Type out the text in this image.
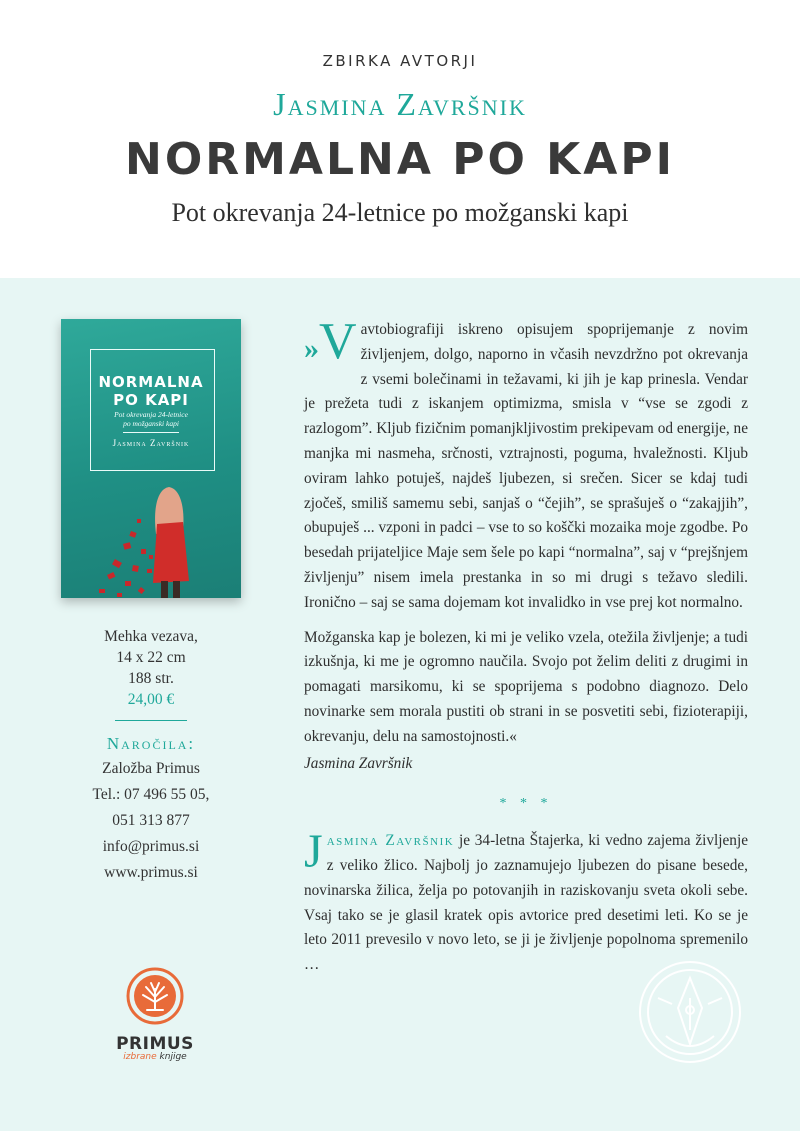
ZBIRKA AVTORJI
Jasmina Završnik
NORMALNA PO KAPI
Pot okrevanja 24-letnice po možganski kapi
NORMALNA
PO KAPI
Pot okrevanja 24-letnice
po možganski kapi
Jasmina Završnik
Mehka vezava,
14 x 22 cm
188 str.
24,00 €
Naročila:
Založba Primus
Tel.: 07 496 55 05,
051 313 877
info@primus.si
www.primus.si
PRIMUS
izbrane knjige

»V avtobiografiji iskreno opisujem spoprijemanje z novim življenjem, dolgo, naporno in včasih nevzdržno pot okrevanja z vsemi bolečinami in težavami, ki jih je kap prinesla. Vendar je prežeta tudi z iskanjem optimizma, smisla v “vse se zgodi z razlogom”. Kljub fizičnim pomanjkljivostim prekipevam od energije, ne manjka mi nasmeha, srčnosti, vztrajnosti, poguma, hvaležnosti. Kljub oviram lahko potuješ, najdeš ljubezen, si srečen. Sicer se kdaj tudi zjočeš, smiliš samemu sebi, sanjaš o “čejih”, se sprašuješ o “zakajjih”, obupuješ ... vzponi in padci – vse to so koščki mozaika moje zgodbe. Po besedah prijateljice Maje sem šele po kapi “normalna”, saj v “prejšnjem življenju” nisem imela prestanka in so mi drugi s težavo sledili. Ironično – saj se sama dojemam kot invalidko in vse prej kot normalno.

Možganska kap je bolezen, ki mi je veliko vzela, otežila življenje; a tudi izkušnja, ki me je ogromno naučila. Svojo pot želim deliti z drugimi in pomagati marsikomu, ki se spoprijema s podobno diagnozo. Delo novinarke sem morala pustiti ob strani in se posvetiti sebi, fizioterapiji, okrevanju, delu na samostojnosti.«

Jasmina Završnik

* * *

Jasmina Završnik je 34-letna Štajerka, ki vedno zajema življenje z veliko žlico. Najbolj jo zaznamujejo ljubezen do pisane besede, novinarska žilica, želja po potovanjih in raziskovanju sveta okoli sebe. Vsaj tako se je glasil kratek opis avtorice pred desetimi leti. Ko se je leto 2011 prevesilo v novo leto, se ji je življenje popolnoma spremenilo …
